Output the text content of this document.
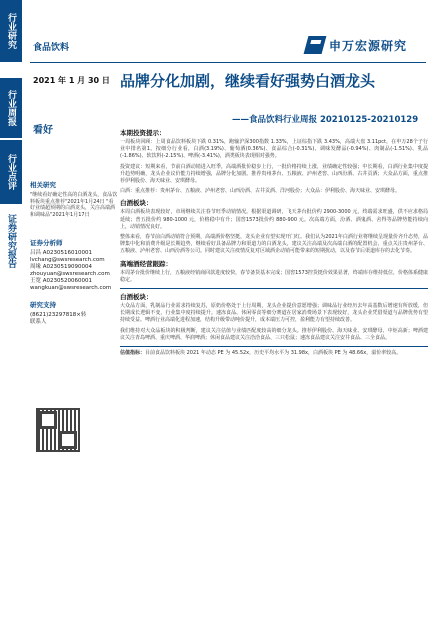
行业研究
行业周报
行业点评
证券研究报告
食品饮料	申万宏源研究
2021 年 1 月 30 日
看好
品牌分化加剧，继续看好强势白酒龙头
——食品饮料行业周报 20210125-20210129
相关研究

"继续看好确定性高的白酒龙头，食品饮料板块重点推荐"2021年1月24日 "看好业绩超预期的白酒龙头，关注高端酒和调味品"2021年1月17日

证券分析师
吕昌 A0230516010001
lvchang@swsresearch.com
周缘 A0230519090004
zhouyuan@swsresearch.com
王宽 A0230520060001
wangkuan@swsresearch.com
研究支持
(8621)23297818×转
联系人
本期投资提示：
一周板块回顾：上周食品饮料板块下跌 0.31%，跑输沪深300指数 1.33%，上证综指下跌 3.43%，高端大盘 3.11pct，在申万28个子行业中排名第1。按细分行业看，白酒(3.19%)、葡萄酒(0.36%)、食品综合(-0.31%)、调味发酵品(-0.94%)、肉制品(-1.51%)、乳品(-1.86%)、软饮料(-2.15%)、啤酒(-3.41%)，酒类板块表现相对强势。
投资建议：短期来看，节前白酒动销进入旺季，高端酒批价稳步上行，一批价格持续上涨，业绩确定性较强；中长期看，白酒行业集中度提升趋势明确，龙头企业议价能力持续增强，品牌分化加剧。推荐贵州茅台、五粮液、泸州老窖、山西汾酒、古井贡酒；大众品方面，重点推荐伊利股份、海天味业、安琪酵母。
白酒：重点推荐：贵州茅台、五粮液、泸州老窖、山西汾酒、古井贡酒、洋河股份；大众品：伊利股份、海天味业、安琪酵母。
白酒板块：
本周白酒板块表现较好，市场继续关注春节旺季动销情况。根据渠道调研，飞天茅台批价约 2900-3000 元，终端需求旺盛，供不应求格局延续；普五批价约 980-1000 元，价格稳中有升；国窖1573批价约 880-900 元。次高端方面，汾酒、酒鬼酒、舍得等品牌势能持续向上，动销情况良好。
整体来看，春节前白酒动销符合预期，高端酒价格坚挺，龙头企业有望实现开门红。我们认为2021年白酒行业将继续呈现量价齐升态势，品牌集中化和消费升级是长期趋势，继续看好具备品牌力和渠道力的白酒龙头，建议关注高端及次高端白酒的配置机会，重点关注贵州茅台、五粮液、泸州老窖、山西汾酒等公司。同时建议关注疫情反复对区域酒企动销可能带来的短期扰动，以及春节后渠道库存的去化节奏。
高端酒经营跟踪：
本周茅台批价继续上行，五粮液经销商回款进度较快，春节备货基本完成；国窖1573控货挺价效果显著，终端库存维持低位，价格体系健康稳定。
白酒板块：
大众品方面，乳制品行业需求持续复苏，原奶价格处于上行周期，龙头企业提价意愿增强；调味品行业经历去年高基数后增速有所放缓，但长期成长逻辑不变，行业集中度持续提升。速冻食品、休闲零食等细分赛道在居家消费场景下表现较好，龙头企业凭借渠道与品牌优势有望持续受益。啤酒行业高端化进程加速，结构升级带动吨价提升，成本端压力可控，盈利能力有望持续改善。
我们维持对大众品板块的积极判断，建议关注估值与业绩匹配度较高的细分龙头。推荐伊利股份、海天味业、安琪酵母、中炬高新；啤酒建议关注青岛啤酒、重庆啤酒、华润啤酒；休闲食品建议关注洽洽食品、三只松鼠；速冻食品建议关注安井食品、三全食品。
估值指标：目前食品饮料板块 2021 年动态 PE 为 45.52x，历史平均水平为 31.98x，白酒板块 PE 为 48.66x，溢价率较高。
